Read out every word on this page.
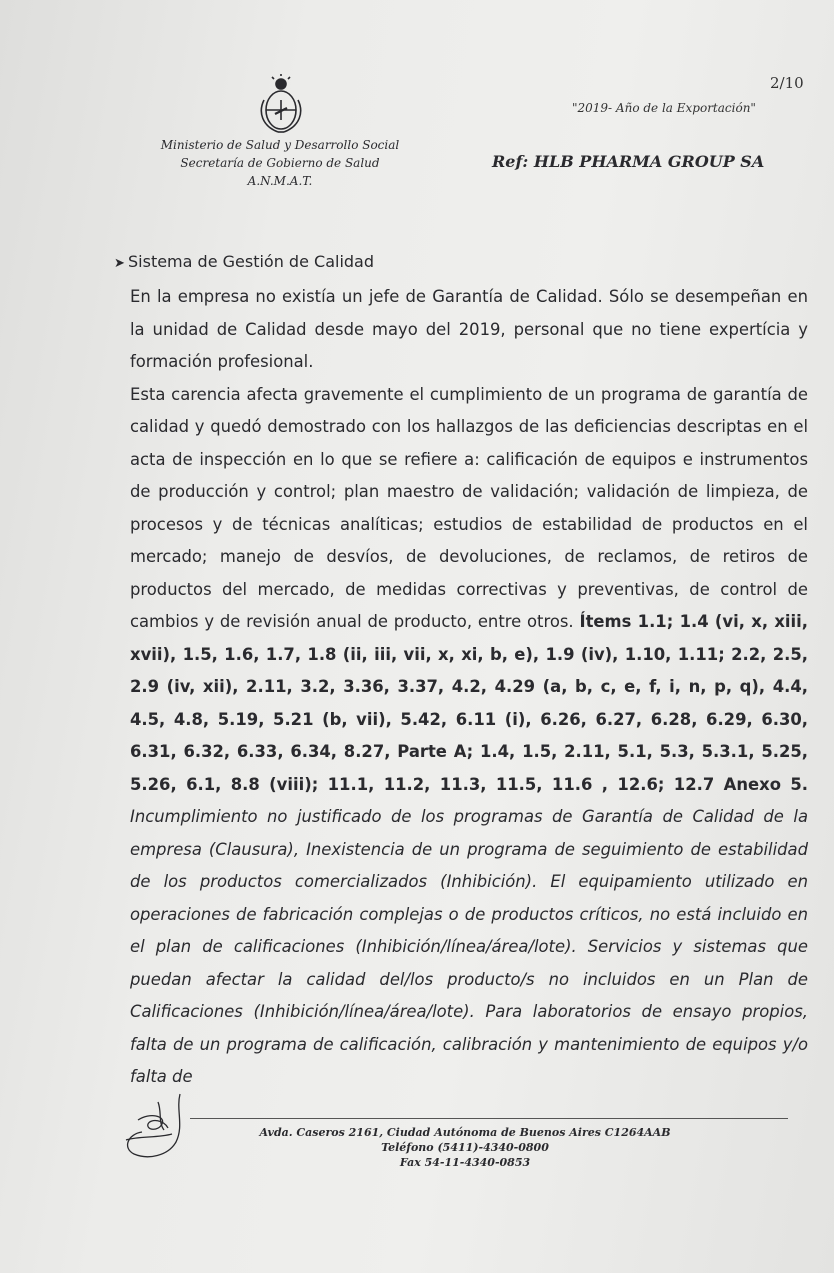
2/10
"2019- Año de la Exportación"
Ministerio de Salud y Desarrollo Social
Secretaría de Gobierno de Salud
A.N.M.A.T.
Ref: HLB PHARMA GROUP SA
➤ Sistema de Gestión de Calidad

En la empresa no existía un jefe de Garantía de Calidad. Sólo se desempeñan en la unidad de Calidad desde mayo del 2019, personal que no tiene expertícia y formación profesional.

Esta carencia afecta gravemente el cumplimiento de un programa de garantía de calidad y quedó demostrado con los hallazgos de las deficiencias descriptas en el acta de inspección en lo que se refiere a: calificación de equipos e instrumentos de producción y control; plan maestro de validación; validación de limpieza, de procesos y de técnicas analíticas; estudios de estabilidad de productos en el mercado; manejo de desvíos, de devoluciones, de reclamos, de retiros de productos del mercado, de medidas correctivas y preventivas, de control de cambios y de revisión anual de producto, entre otros. Ítems 1.1; 1.4 (vi, x, xiii, xvii), 1.5, 1.6, 1.7, 1.8 (ii, iii, vii, x, xi, b, e), 1.9 (iv), 1.10, 1.11; 2.2, 2.5, 2.9 (iv, xii), 2.11, 3.2, 3.36, 3.37, 4.2, 4.29 (a, b, c, e, f, i, n, p, q), 4.4, 4.5, 4.8, 5.19, 5.21 (b, vii), 5.42, 6.11 (i), 6.26, 6.27, 6.28, 6.29, 6.30, 6.31, 6.32, 6.33, 6.34, 8.27, Parte A; 1.4, 1.5, 2.11, 5.1, 5.3, 5.3.1, 5.25, 5.26, 6.1, 8.8 (viii); 11.1, 11.2, 11.3, 11.5, 11.6 , 12.6; 12.7 Anexo 5. Incumplimiento no justificado de los programas de Garantía de Calidad de la empresa (Clausura), Inexistencia de un programa de seguimiento de estabilidad de los productos comercializados (Inhibición). El equipamiento utilizado en operaciones de fabricación complejas o de productos críticos, no está incluido en el plan de calificaciones (Inhibición/línea/área/lote). Servicios y sistemas que puedan afectar la calidad del/los producto/s no incluidos en un Plan de Calificaciones (Inhibición/línea/área/lote). Para laboratorios de ensayo propios, falta de un programa de calificación, calibración y mantenimiento de equipos y/o falta de

Avda. Caseros 2161, Ciudad Autónoma de Buenos Aires C1264AAB
Teléfono (5411)-4340-0800
Fax 54-11-4340-0853
